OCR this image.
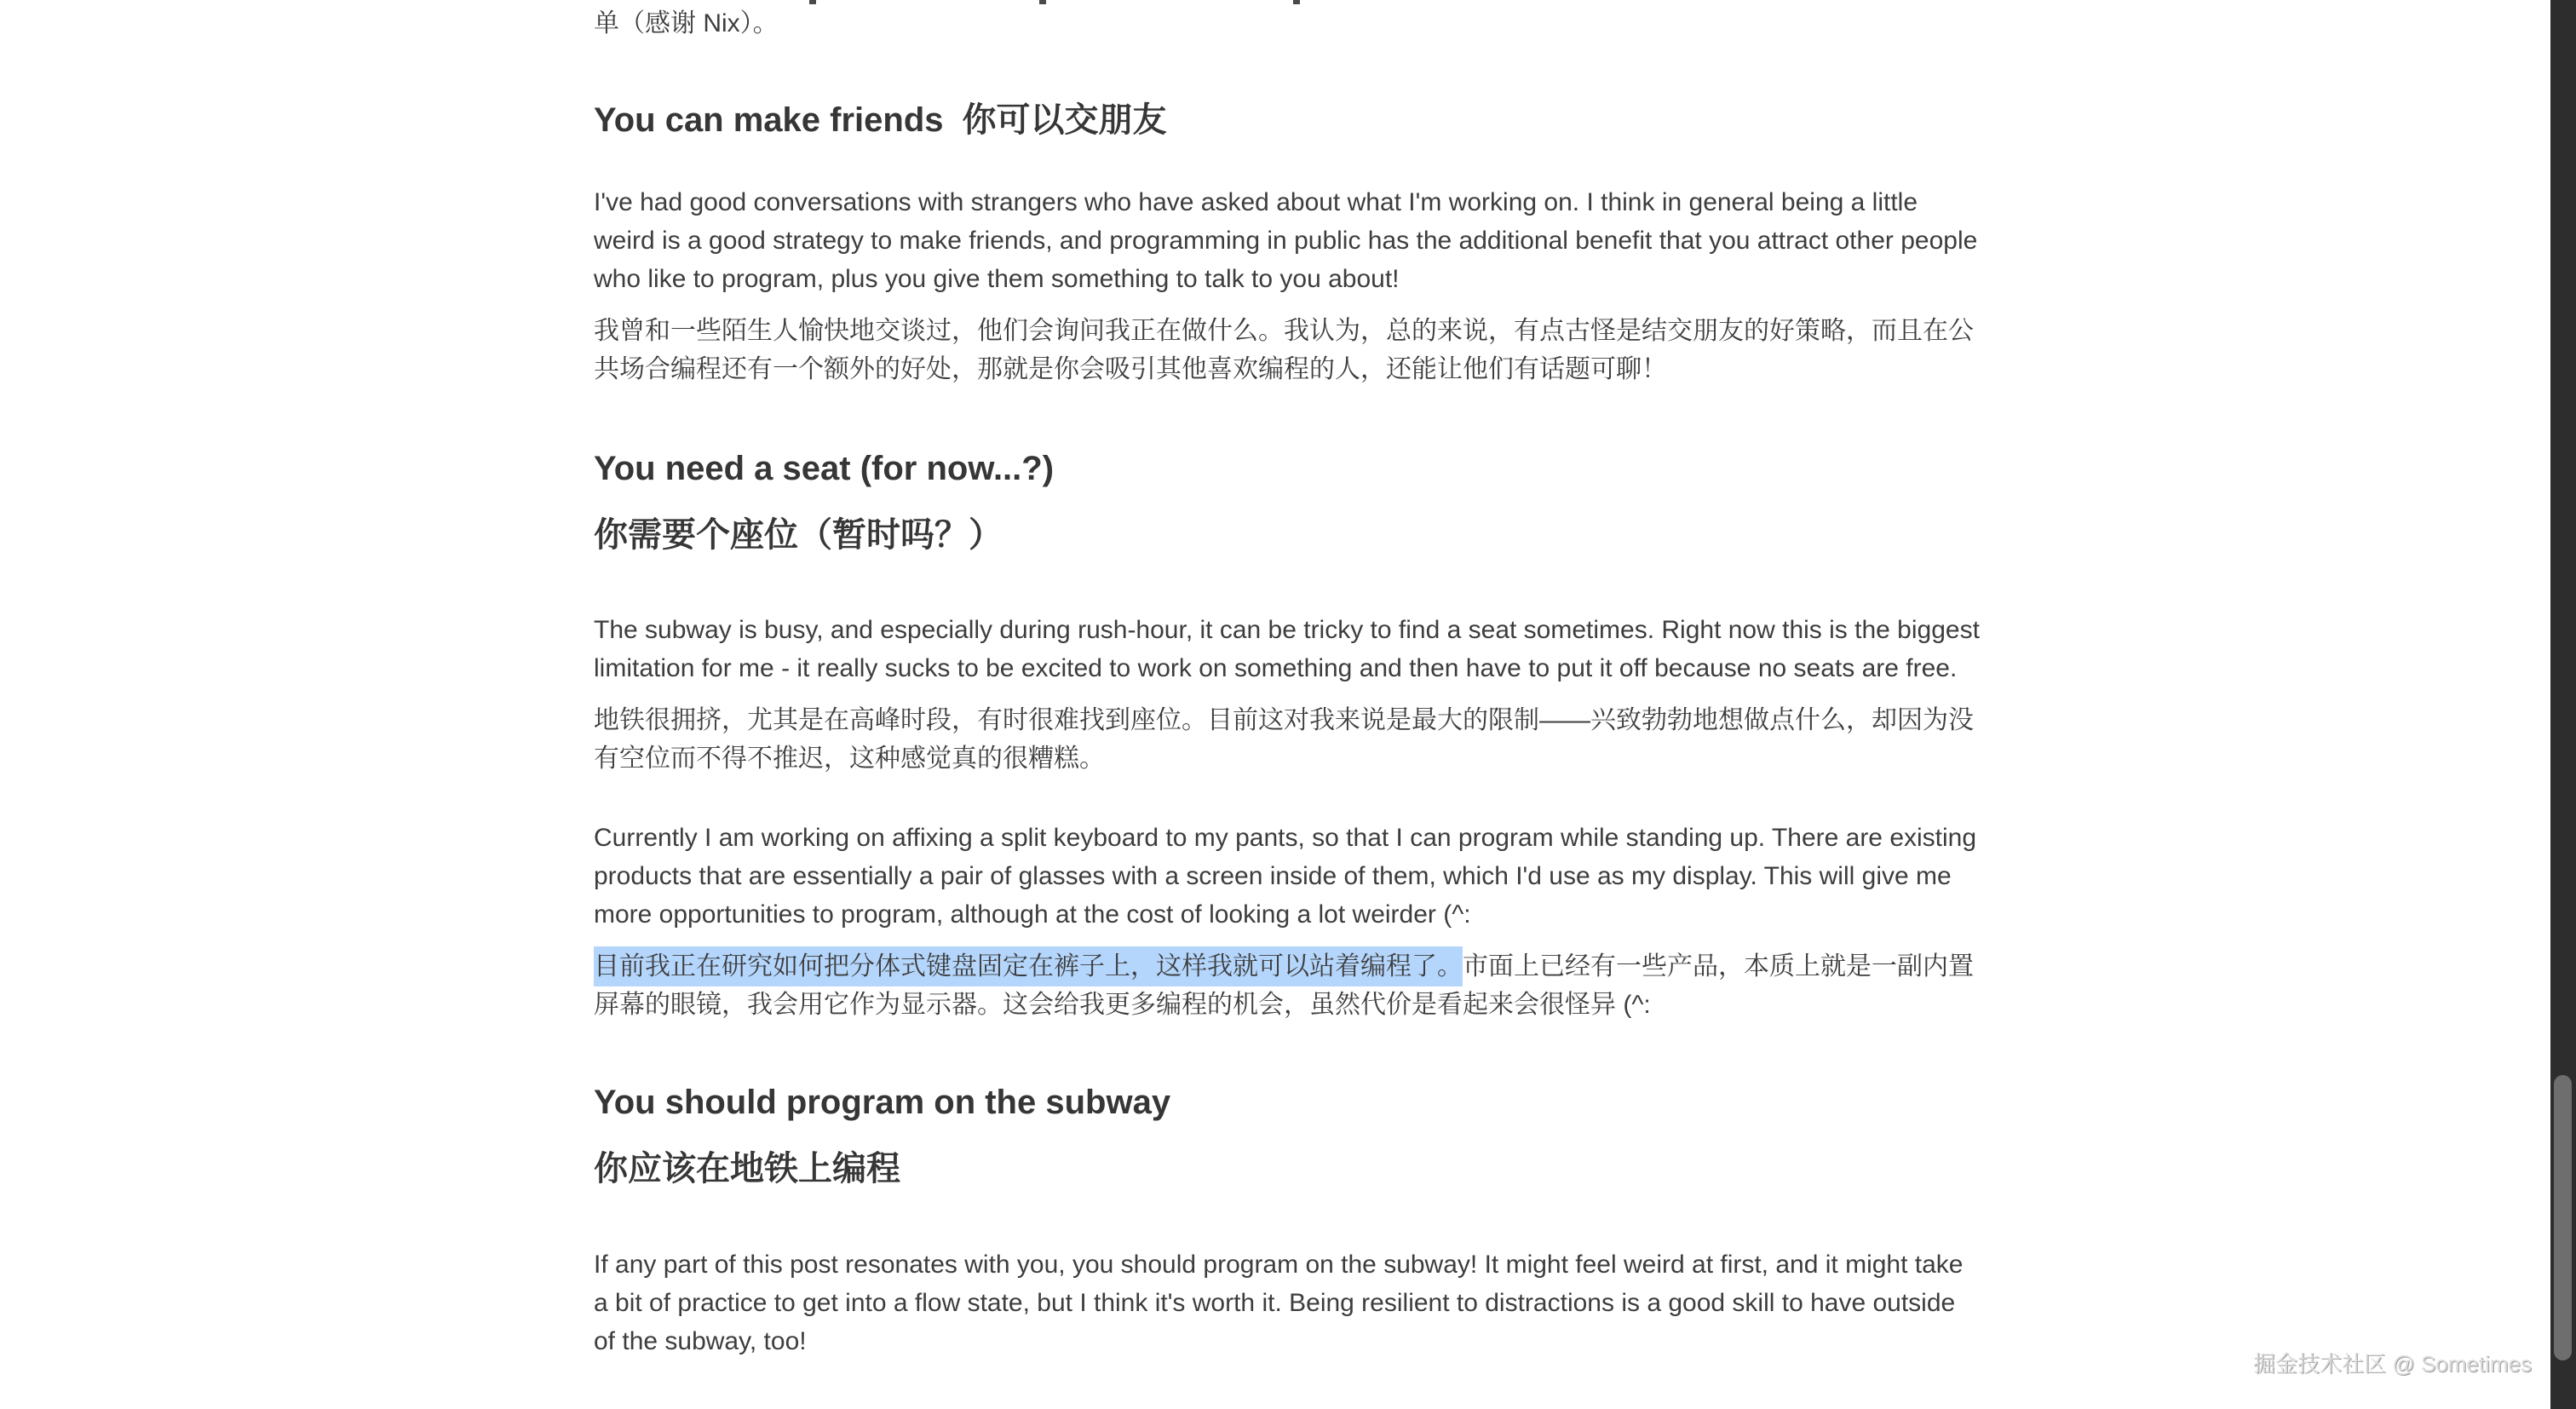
单（感谢 Nix）。

You can make friends 你可以交朋友

I've had good conversations with strangers who have asked about what I'm working on. I think in general being a little weird is a good strategy to make friends, and programming in public has the additional benefit that you attract other people who like to program, plus you give them something to talk to you about!

我曾和一些陌生人愉快地交谈过，他们会询问我正在做什么。我认为，总的来说，有点古怪是结交朋友的好策略，而且在公共场合编程还有一个额外的好处，那就是你会吸引其他喜欢编程的人，还能让他们有话题可聊！

You need a seat (for now...?)
你需要个座位（暂时吗？）

The subway is busy, and especially during rush-hour, it can be tricky to find a seat sometimes. Right now this is the biggest limitation for me - it really sucks to be excited to work on something and then have to put it off because no seats are free.

地铁很拥挤，尤其是在高峰时段，有时很难找到座位。目前这对我来说是最大的限制——兴致勃勃地想做点什么，却因为没有空位而不得不推迟，这种感觉真的很糟糕。

Currently I am working on affixing a split keyboard to my pants, so that I can program while standing up. There are existing products that are essentially a pair of glasses with a screen inside of them, which I'd use as my display. This will give me more opportunities to program, although at the cost of looking a lot weirder (^:

目前我正在研究如何把分体式键盘固定在裤子上，这样我就可以站着编程了。市面上已经有一些产品，本质上就是一副内置屏幕的眼镜，我会用它作为显示器。这会给我更多编程的机会，虽然代价是看起来会很怪异 (^:

You should program on the subway
你应该在地铁上编程

If any part of this post resonates with you, you should program on the subway! It might feel weird at first, and it might take a bit of practice to get into a flow state, but I think it's worth it. Being resilient to distractions is a good skill to have outside of the subway, too!

掘金技术社区 @ Sometimes
